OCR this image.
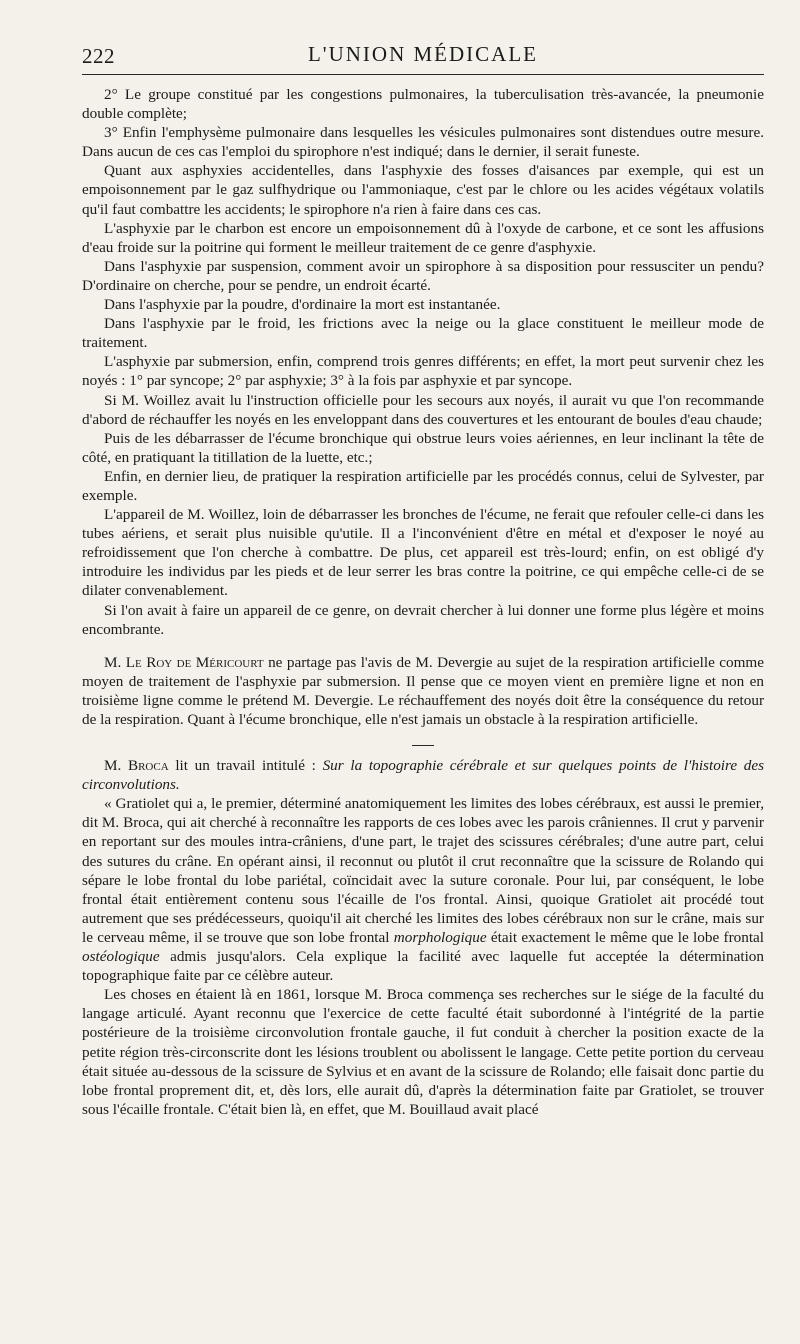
222	L'UNION MÉDICALE

2° Le groupe constitué par les congestions pulmonaires, la tuberculisation très-avancée, la pneumonie double complète;

3° Enfin l'emphysème pulmonaire dans lesquelles les vésicules pulmonaires sont distendues outre mesure. Dans aucun de ces cas l'emploi du spirophore n'est indiqué; dans le dernier, il serait funeste.

Quant aux asphyxies accidentelles, dans l'asphyxie des fosses d'aisances par exemple, qui est un empoisonnement par le gaz sulfhydrique ou l'ammoniaque, c'est par le chlore ou les acides végétaux volatils qu'il faut combattre les accidents; le spirophore n'a rien à faire dans ces cas.

L'asphyxie par le charbon est encore un empoisonnement dû à l'oxyde de carbone, et ce sont les affusions d'eau froide sur la poitrine qui forment le meilleur traitement de ce genre d'asphyxie.

Dans l'asphyxie par suspension, comment avoir un spirophore à sa disposition pour ressusciter un pendu? D'ordinaire on cherche, pour se pendre, un endroit écarté.

Dans l'asphyxie par la poudre, d'ordinaire la mort est instantanée.

Dans l'asphyxie par le froid, les frictions avec la neige ou la glace constituent le meilleur mode de traitement.

L'asphyxie par submersion, enfin, comprend trois genres différents; en effet, la mort peut survenir chez les noyés : 1° par syncope; 2° par asphyxie; 3° à la fois par asphyxie et par syncope.

Si M. Woillez avait lu l'instruction officielle pour les secours aux noyés, il aurait vu que l'on recommande d'abord de réchauffer les noyés en les enveloppant dans des couvertures et les entourant de boules d'eau chaude;

Puis de les débarrasser de l'écume bronchique qui obstrue leurs voies aériennes, en leur inclinant la tête de côté, en pratiquant la titillation de la luette, etc.;

Enfin, en dernier lieu, de pratiquer la respiration artificielle par les procédés connus, celui de Sylvester, par exemple.

L'appareil de M. Woillez, loin de débarrasser les bronches de l'écume, ne ferait que refouler celle-ci dans les tubes aériens, et serait plus nuisible qu'utile. Il a l'inconvénient d'être en métal et d'exposer le noyé au refroidissement que l'on cherche à combattre. De plus, cet appareil est très-lourd; enfin, on est obligé d'y introduire les individus par les pieds et de leur serrer les bras contre la poitrine, ce qui empêche celle-ci de se dilater convenablement.

Si l'on avait à faire un appareil de ce genre, on devrait chercher à lui donner une forme plus légère et moins encombrante.

M. Le Roy de Méricourt ne partage pas l'avis de M. Devergie au sujet de la respiration artificielle comme moyen de traitement de l'asphyxie par submersion. Il pense que ce moyen vient en première ligne et non en troisième ligne comme le prétend M. Devergie. Le réchauffement des noyés doit être la conséquence du retour de la respiration. Quant à l'écume bronchique, elle n'est jamais un obstacle à la respiration artificielle.

M. Broca lit un travail intitulé : Sur la topographie cérébrale et sur quelques points de l'histoire des circonvolutions.

« Gratiolet qui a, le premier, déterminé anatomiquement les limites des lobes cérébraux, est aussi le premier, dit M. Broca, qui ait cherché à reconnaître les rapports de ces lobes avec les parois crâniennes. Il crut y parvenir en reportant sur des moules intra-crâniens, d'une part, le trajet des scissures cérébrales; d'une autre part, celui des sutures du crâne. En opérant ainsi, il reconnut ou plutôt il crut reconnaître que la scissure de Rolando qui sépare le lobe frontal du lobe pariétal, coïncidait avec la suture coronale. Pour lui, par conséquent, le lobe frontal était entièrement contenu sous l'écaille de l'os frontal. Ainsi, quoique Gratiolet ait procédé tout autrement que ses prédécesseurs, quoiqu'il ait cherché les limites des lobes cérébraux non sur le crâne, mais sur le cerveau même, il se trouve que son lobe frontal morphologique était exactement le même que le lobe frontal ostéologique admis jusqu'alors. Cela explique la facilité avec laquelle fut acceptée la détermination topographique faite par ce célèbre auteur.

Les choses en étaient là en 1861, lorsque M. Broca commença ses recherches sur le siége de la faculté du langage articulé. Ayant reconnu que l'exercice de cette faculté était subordonné à l'intégrité de la partie postérieure de la troisième circonvolution frontale gauche, il fut conduit à chercher la position exacte de la petite région très-circonscrite dont les lésions troublent ou abolissent le langage. Cette petite portion du cerveau était située au-dessous de la scissure de Sylvius et en avant de la scissure de Rolando; elle faisait donc partie du lobe frontal proprement dit, et, dès lors, elle aurait dû, d'après la détermination faite par Gratiolet, se trouver sous l'écaille frontale. C'était bien là, en effet, que M. Bouillaud avait placé
